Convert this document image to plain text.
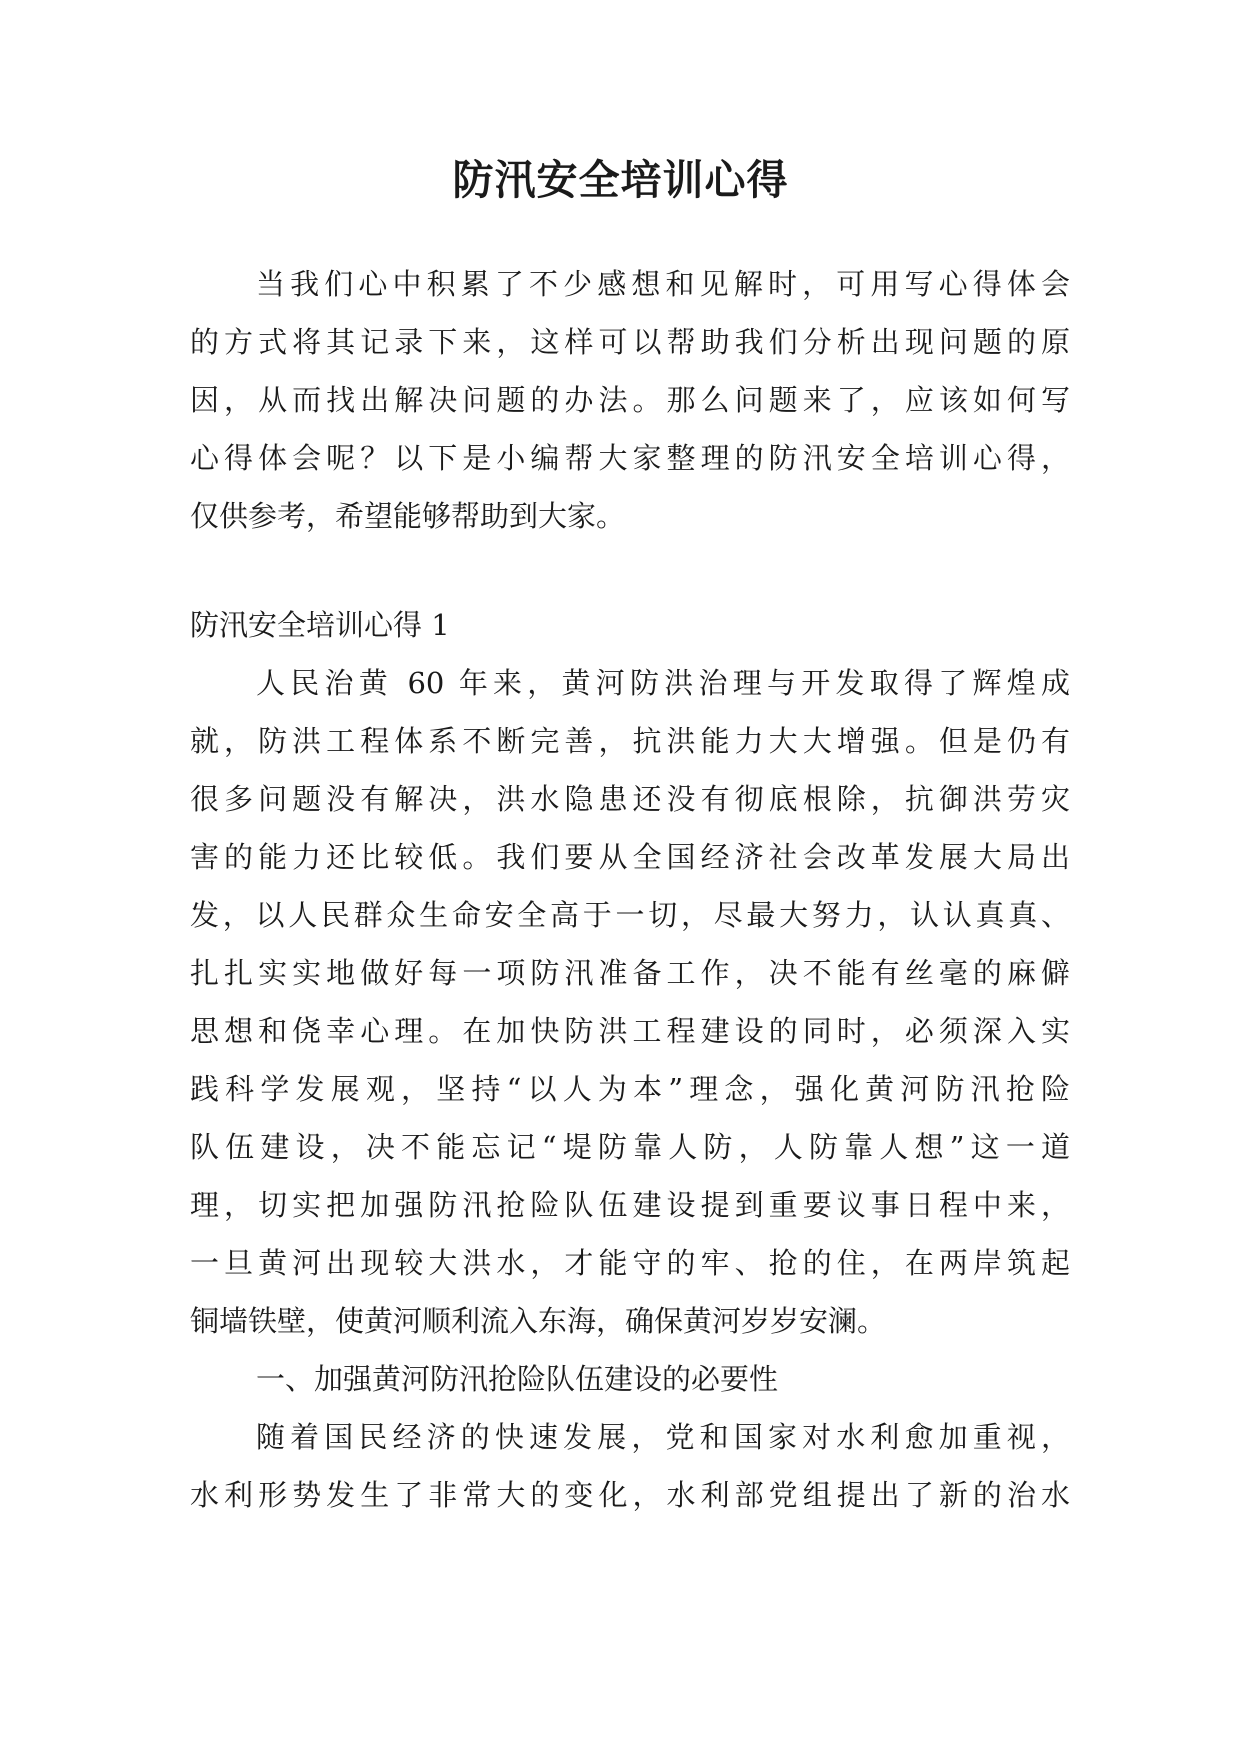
防汛安全培训心得
当我们心中积累了不少感想和见解时，可用写心得体会
的方式将其记录下来，这样可以帮助我们分析出现问题的原
因，从而找出解决问题的办法。那么问题来了，应该如何写
心得体会呢？以下是小编帮大家整理的防汛安全培训心得，
仅供参考，希望能够帮助到大家。
防汛安全培训心得 1
人民治黄 60 年来，黄河防洪治理与开发取得了辉煌成
就，防洪工程体系不断完善，抗洪能力大大增强。但是仍有
很多问题没有解决，洪水隐患还没有彻底根除，抗御洪劳灾
害的能力还比较低。我们要从全国经济社会改革发展大局出
发，以人民群众生命安全高于一切，尽最大努力，认认真真、
扎扎实实地做好每一项防汛准备工作，决不能有丝毫的麻僻
思想和侥幸心理。在加快防洪工程建设的同时，必须深入实
践科学发展观，坚持“以人为本”理念，强化黄河防汛抢险
队伍建设，决不能忘记“堤防靠人防，人防靠人想”这一道
理，切实把加强防汛抢险队伍建设提到重要议事日程中来，
一旦黄河出现较大洪水，才能守的牢、抢的住，在两岸筑起
铜墙铁壁，使黄河顺利流入东海，确保黄河岁岁安澜。
一、加强黄河防汛抢险队伍建设的必要性
随着国民经济的快速发展，党和国家对水利愈加重视，
水利形势发生了非常大的变化，水利部党组提出了新的治水
